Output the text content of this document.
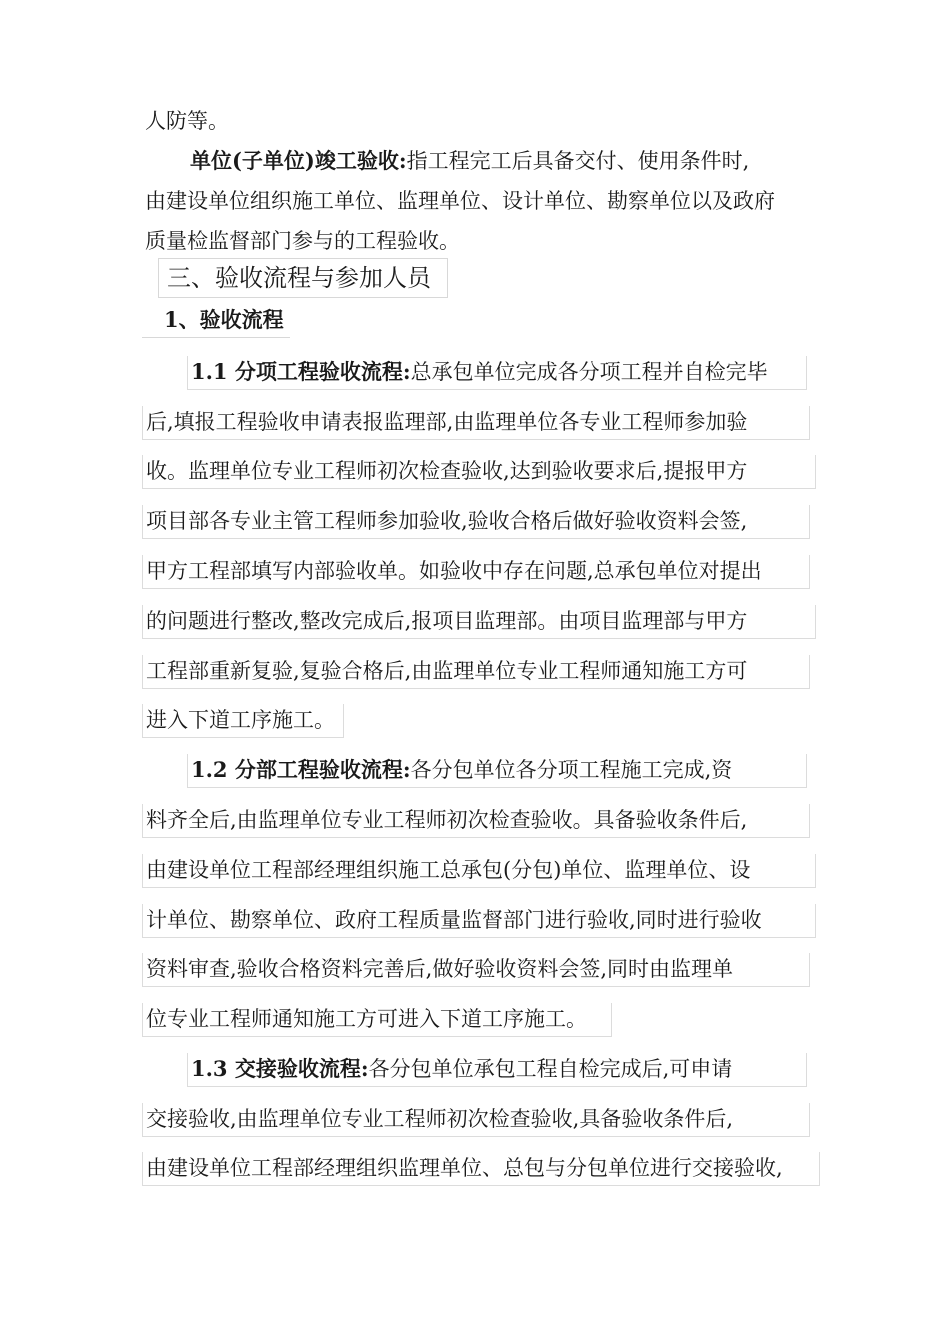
人防等。
单位(子单位)竣工验收:指工程完工后具备交付、使用条件时,
由建设单位组织施工单位、监理单位、设计单位、勘察单位以及政府
质量检监督部门参与的工程验收。
三、验收流程与参加人员
1、验收流程
1.1 分项工程验收流程:总承包单位完成各分项工程并自检完毕
后,填报工程验收申请表报监理部,由监理单位各专业工程师参加验
收。监理单位专业工程师初次检查验收,达到验收要求后,提报甲方
项目部各专业主管工程师参加验收,验收合格后做好验收资料会签,
甲方工程部填写内部验收单。如验收中存在问题,总承包单位对提出
的问题进行整改,整改完成后,报项目监理部。由项目监理部与甲方
工程部重新复验,复验合格后,由监理单位专业工程师通知施工方可
进入下道工序施工。
1.2 分部工程验收流程:各分包单位各分项工程施工完成,资
料齐全后,由监理单位专业工程师初次检查验收。具备验收条件后,
由建设单位工程部经理组织施工总承包(分包)单位、监理单位、设
计单位、勘察单位、政府工程质量监督部门进行验收,同时进行验收
资料审查,验收合格资料完善后,做好验收资料会签,同时由监理单
位专业工程师通知施工方可进入下道工序施工。
1.3 交接验收流程:各分包单位承包工程自检完成后,可申请
交接验收,由监理单位专业工程师初次检查验收,具备验收条件后,
由建设单位工程部经理组织监理单位、总包与分包单位进行交接验收,
